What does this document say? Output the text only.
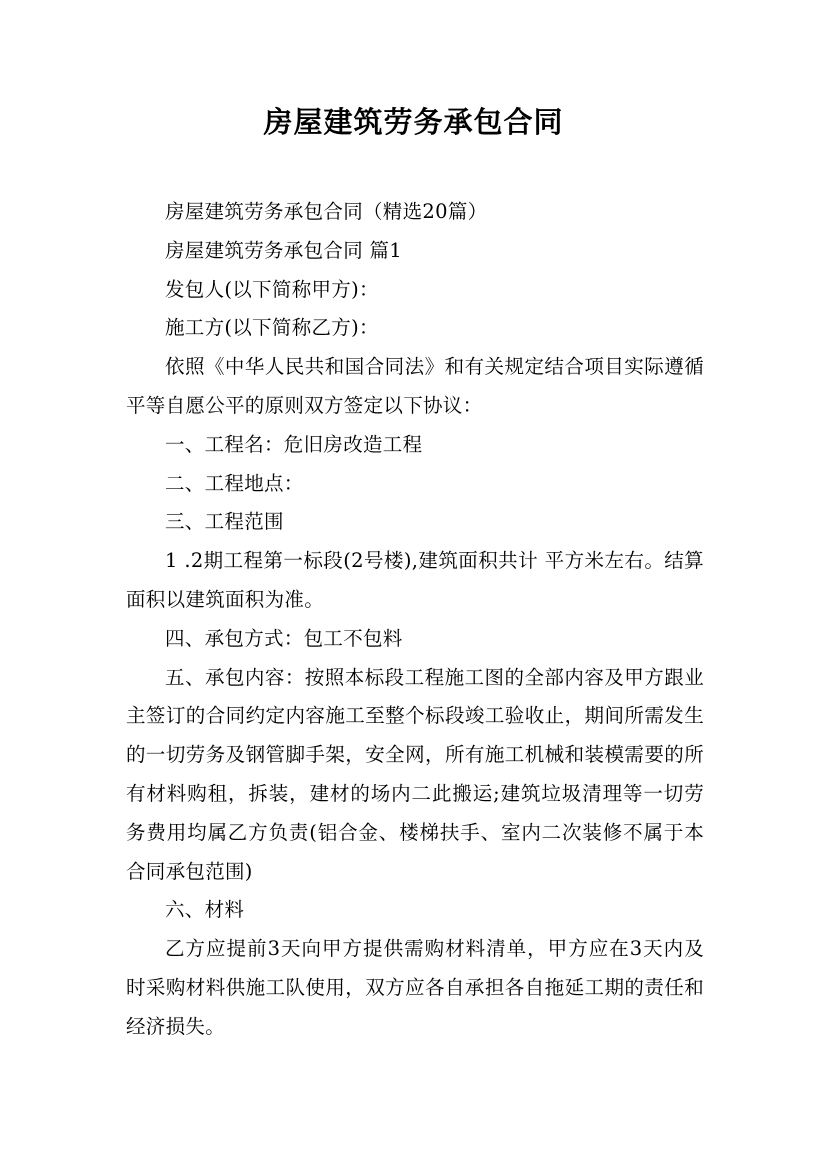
房屋建筑劳务承包合同

房屋建筑劳务承包合同（精选20篇）

房屋建筑劳务承包合同 篇1

发包人(以下简称甲方)：

施工方(以下简称乙方)：

依照《中华人民共和国合同法》和有关规定结合项目实际遵循平等自愿公平的原则双方签定以下协议：

一、工程名：危旧房改造工程

二、工程地点：

三、工程范围

1 .2期工程第一标段(2号楼),建筑面积共计 平方米左右。结算面积以建筑面积为准。

四、承包方式：包工不包料

五、承包内容：按照本标段工程施工图的全部内容及甲方跟业主签订的合同约定内容施工至整个标段竣工验收止，期间所需发生的一切劳务及钢管脚手架，安全网，所有施工机械和装模需要的所有材料购租，拆装，建材的场内二此搬运;建筑垃圾清理等一切劳务费用均属乙方负责(铝合金、楼梯扶手、室内二次装修不属于本合同承包范围)

六、材料

乙方应提前3天向甲方提供需购材料清单，甲方应在3天内及时采购材料供施工队使用，双方应各自承担各自拖延工期的责任和经济损失。
